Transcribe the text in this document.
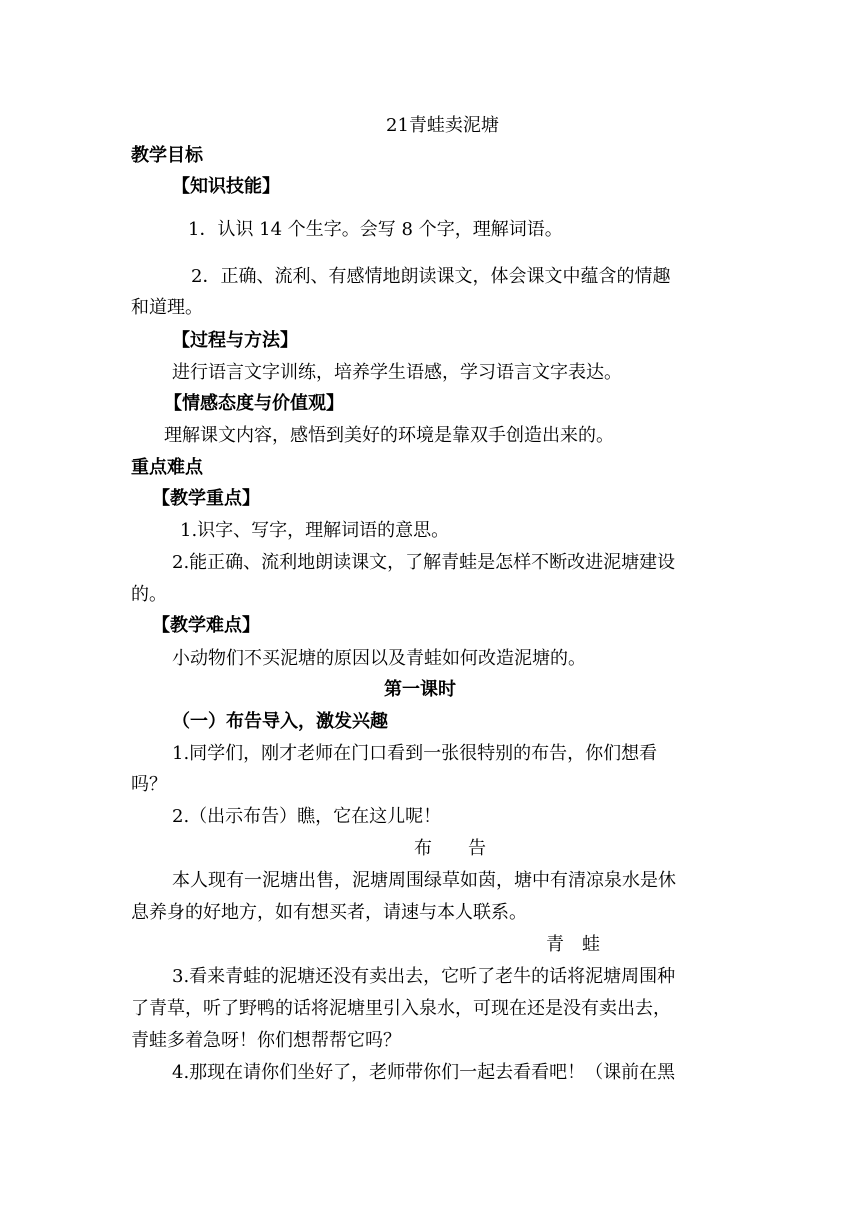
21青蛙卖泥塘
教学目标
【知识技能】
1．认识 14 个生字。会写 8 个字，理解词语。
2．正确、流利、有感情地朗读课文，体会课文中蕴含的情趣
和道理。
【过程与方法】
进行语言文字训练，培养学生语感，学习语言文字表达。
【情感态度与价值观】
理解课文内容，感悟到美好的环境是靠双手创造出来的。
重点难点
【教学重点】
1.识字、写字，理解词语的意思。
2.能正确、流利地朗读课文，了解青蛙是怎样不断改进泥塘建设
的。
【教学难点】
小动物们不买泥塘的原因以及青蛙如何改造泥塘的。
第一课时
（一）布告导入，激发兴趣
1.同学们，刚才老师在门口看到一张很特别的布告，你们想看
吗？
2.（出示布告）瞧，它在这儿呢！
布　　告
本人现有一泥塘出售，泥塘周围绿草如茵，塘中有清凉泉水是休
息养身的好地方，如有想买者，请速与本人联系。
青　蛙
3.看来青蛙的泥塘还没有卖出去，它听了老牛的话将泥塘周围种
了青草，听了野鸭的话将泥塘里引入泉水，可现在还是没有卖出去，
青蛙多着急呀！你们想帮帮它吗？
4.那现在请你们坐好了，老师带你们一起去看看吧！（课前在黑
